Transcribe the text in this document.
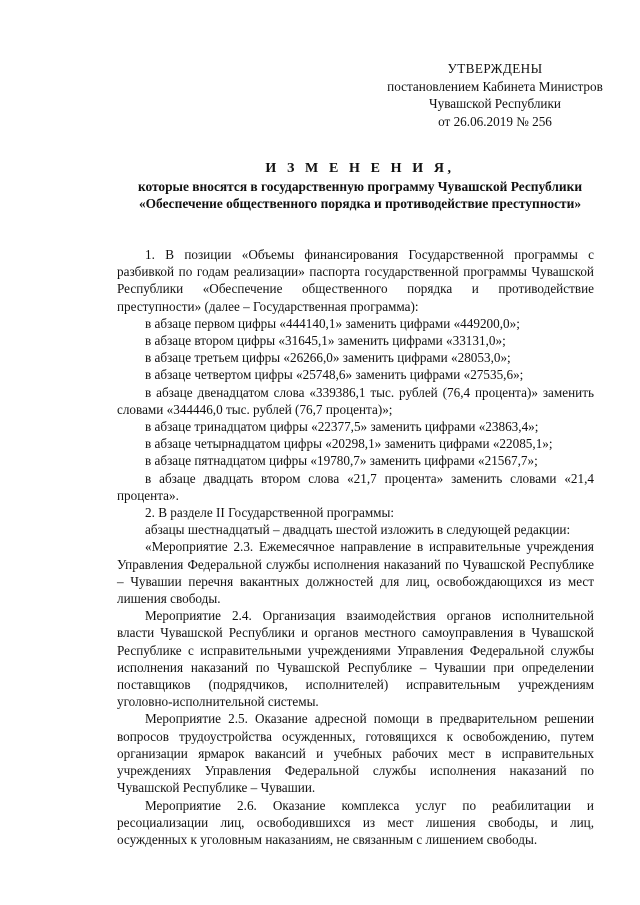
УТВЕРЖДЕНЫ
постановлением Кабинета Министров
Чувашской Республики
от 26.06.2019 № 256
И З М Е Н Е Н И Я,
которые вносятся в государственную программу Чувашской Республики
«Обеспечение общественного порядка и противодействие преступности»

1. В позиции «Объемы финансирования Государственной программы с разбивкой по годам реализации» паспорта государственной программы Чувашской Республики «Обеспечение общественного порядка и противодействие преступности» (далее – Государственная программа):

в абзаце первом цифры «444140,1» заменить цифрами «449200,0»;

в абзаце втором цифры «31645,1» заменить цифрами «33131,0»;

в абзаце третьем цифры «26266,0» заменить цифрами «28053,0»;

в абзаце четвертом цифры «25748,6» заменить цифрами «27535,6»;

в абзаце двенадцатом слова «339386,1 тыс. рублей (76,4 процента)» заменить словами «344446,0 тыс. рублей (76,7 процента)»;

в абзаце тринадцатом цифры «22377,5» заменить цифрами «23863,4»;

в абзаце четырнадцатом цифры «20298,1» заменить цифрами «22085,1»;

в абзаце пятнадцатом цифры «19780,7» заменить цифрами «21567,7»;

в абзаце двадцать втором слова «21,7 процента» заменить словами «21,4 процента».

2. В разделе II Государственной программы:

абзацы шестнадцатый – двадцать шестой изложить в следующей редакции:

«Мероприятие 2.3. Ежемесячное направление в исправительные учреждения Управления Федеральной службы исполнения наказаний по Чувашской Республике – Чувашии перечня вакантных должностей для лиц, освобождающихся из мест лишения свободы.

Мероприятие 2.4. Организация взаимодействия органов исполнительной власти Чувашской Республики и органов местного самоуправления в Чувашской Республике с исправительными учреждениями Управления Федеральной службы исполнения наказаний по Чувашской Республике – Чувашии при определении поставщиков (подрядчиков, исполнителей) исправительным учреждениям уголовно-исполнительной системы.

Мероприятие 2.5. Оказание адресной помощи в предварительном решении вопросов трудоустройства осужденных, готовящихся к освобождению, путем организации ярмарок вакансий и учебных рабочих мест в исправительных учреждениях Управления Федеральной службы исполнения наказаний по Чувашской Республике – Чувашии.

Мероприятие 2.6. Оказание комплекса услуг по реабилитации и ресоциализации лиц, освободившихся из мест лишения свободы, и лиц, осужденных к уголовным наказаниям, не связанным с лишением свободы.
